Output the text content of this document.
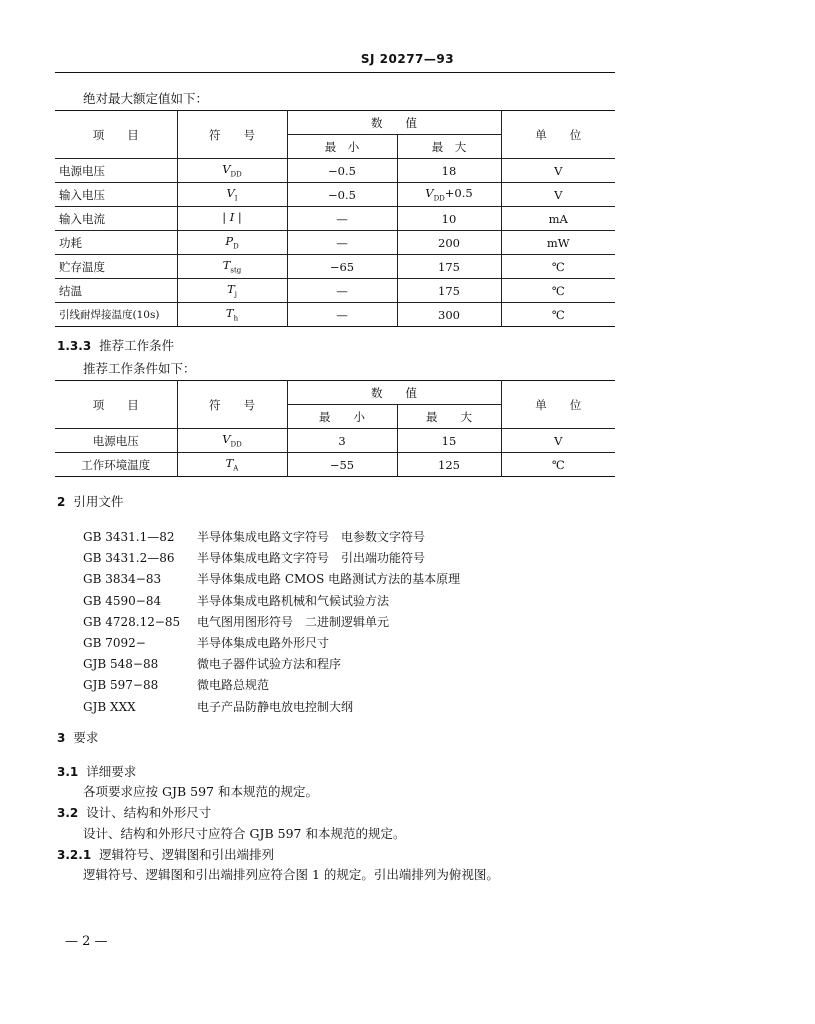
SJ 20277—93
绝对最大额定值如下：
项　　目	符　　号	数　　值		单　　位
		最　小	最　大	
电源电压	$V_{DD}$	−0.5	18	V
输入电压	$V_I$	−0.5	$V_{DD}+0.5$	V
输入电流	| I |	—	10	mA
功耗	$P_D$	—	200	mW
贮存温度	$T_{stg}$	−65	175	℃
结温	$T_j$	—	175	℃
引线耐焊接温度(10s)	$T_h$	—	300	℃
1.3.3 推荐工作条件
推荐工作条件如下：
项　　目	符　　号	数　　值		单　　位
		最　　小	最　　大	
电源电压	$V_{DD}$	3	15	V
工作环境温度	$T_A$	−55	125	℃
2 引用文件
GB 3431.1—82 半导体集成电路文字符号　电参数文字符号
GB 3431.2—86 半导体集成电路文字符号　引出端功能符号
GB 3834−83	半导体集成电路 CMOS 电路测试方法的基本原理
GB 4590−84	半导体集成电路机械和气候试验方法
GB 4728.12−85 电气图用图形符号　二进制逻辑单元
GB 7092−	半导体集成电路外形尺寸
GJB 548−88	微电子器件试验方法和程序
GJB 597−88	微电路总规范
GJB XXX	电子产品防静电放电控制大纲
3 要求
3.1 详细要求
各项要求应按 GJB 597 和本规范的规定。
3.2 设计、结构和外形尺寸
设计、结构和外形尺寸应符合 GJB 597 和本规范的规定。
3.2.1 逻辑符号、逻辑图和引出端排列
逻辑符号、逻辑图和引出端排列应符合图 1 的规定。引出端排列为俯视图。
— 2 —
